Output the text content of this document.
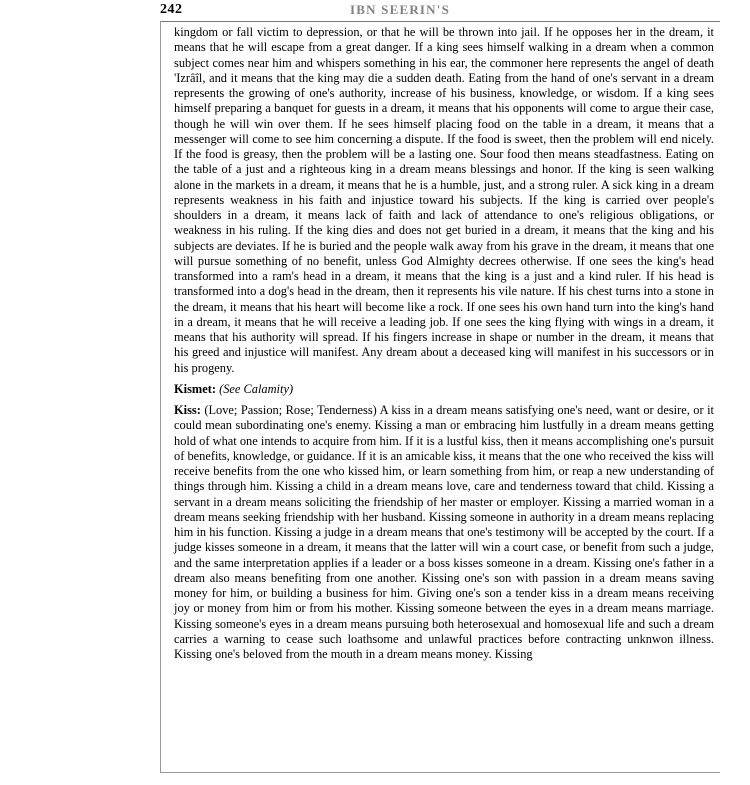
242	IBN SEERIN'S

kingdom or fall victim to depression, or that he will be thrown into jail. If he opposes her in the dream, it means that he will escape from a great danger. If a king sees himself walking in a dream when a common subject comes near him and whispers something in his ear, the commoner here represents the angel of death 'Izrâîl, and it means that the king may die a sudden death. Eating from the hand of one's servant in a dream represents the growing of one's authority, increase of his business, knowledge, or wisdom. If a king sees himself preparing a banquet for guests in a dream, it means that his opponents will come to argue their case, though he will win over them. If he sees himself placing food on the table in a dream, it means that a messenger will come to see him concerning a dispute. If the food is sweet, then the problem will end nicely. If the food is greasy, then the problem will be a lasting one. Sour food then means steadfastness. Eating on the table of a just and a righteous king in a dream means blessings and honor. If the king is seen walking alone in the markets in a dream, it means that he is a humble, just, and a strong ruler. A sick king in a dream represents weakness in his faith and injustice toward his subjects. If the king is carried over people's shoulders in a dream, it means lack of faith and lack of attendance to one's religious obligations, or weakness in his ruling. If the king dies and does not get buried in a dream, it means that the king and his subjects are deviates. If he is buried and the people walk away from his grave in the dream, it means that one will pursue something of no benefit, unless God Almighty decrees otherwise. If one sees the king's head transformed into a ram's head in a dream, it means that the king is a just and a kind ruler. If his head is transformed into a dog's head in the dream, then it represents his vile nature. If his chest turns into a stone in the dream, it means that his heart will become like a rock. If one sees his own hand turn into the king's hand in a dream, it means that he will receive a leading job. If one sees the king flying with wings in a dream, it means that his authority will spread. If his fingers increase in shape or number in the dream, it means that his greed and injustice will manifest. Any dream about a deceased king will manifest in his successors or in his progeny.

Kismet: (See Calamity)
Kiss: (Love; Passion; Rose; Tenderness) A kiss in a dream means satisfying one's need, want or desire, or it could mean subordinating one's enemy. Kissing a man or embracing him lustfully in a dream means getting hold of what one intends to acquire from him. If it is a lustful kiss, then it means accomplishing one's pursuit of benefits, knowledge, or guidance. If it is an amicable kiss, it means that the one who received the kiss will receive benefits from the one who kissed him, or learn something from him, or reap a new understanding of things through him. Kissing a child in a dream means love, care and tenderness toward that child. Kissing a servant in a dream means soliciting the friendship of her master or employer. Kissing a married woman in a dream means seeking friendship with her husband. Kissing someone in authority in a dream means replacing him in his function. Kissing a judge in a dream means that one's testimony will be accepted by the court. If a judge kisses someone in a dream, it means that the latter will win a court case, or benefit from such a judge, and the same interpretation applies if a leader or a boss kisses someone in a dream. Kissing one's father in a dream also means benefiting from one another. Kissing one's son with passion in a dream means saving money for him, or building a business for him. Giving one's son a tender kiss in a dream means receiving joy or money from him or from his mother. Kissing someone between the eyes in a dream means marriage. Kissing someone's eyes in a dream means pursuing both heterosexual and homosexual life and such a dream carries a warning to cease such loathsome and unlawful practices before contracting unknwon illness. Kissing one's beloved from the mouth in a dream means money. Kissing
